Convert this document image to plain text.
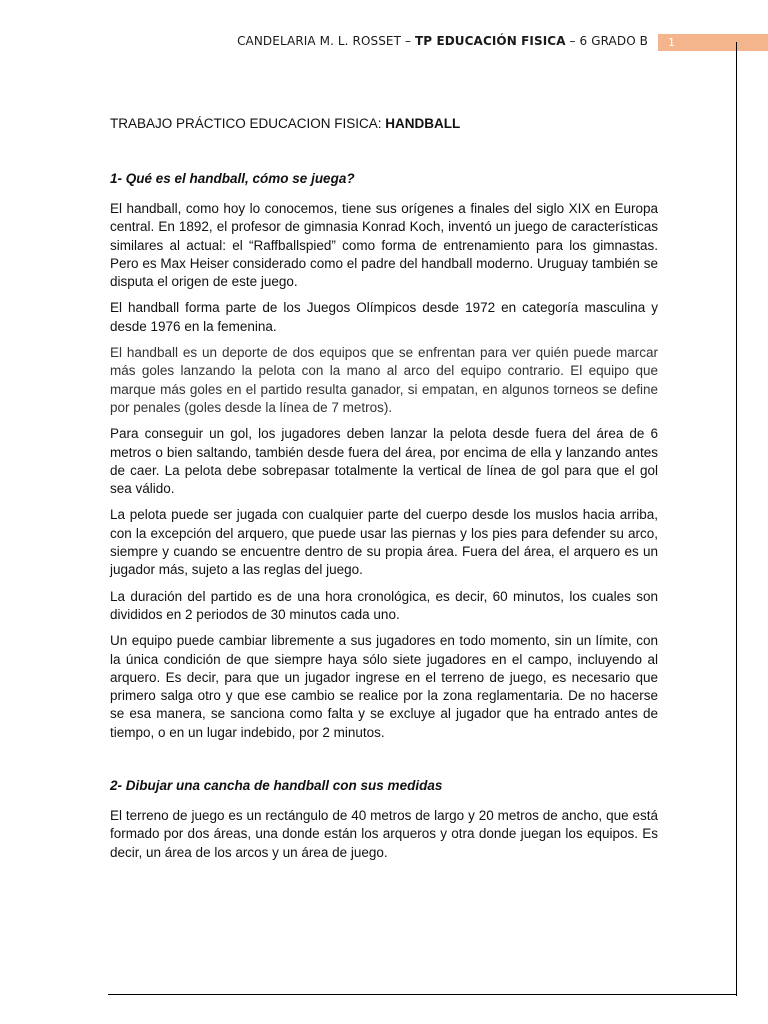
CANDELARIA M. L. ROSSET – TP EDUCACIÓN FISICA – 6 GRADO B	1

TRABAJO PRÁCTICO EDUCACION FISICA: HANDBALL

1- Qué es el handball, cómo se juega?

El handball, como hoy lo conocemos, tiene sus orígenes a finales del siglo XIX en Europa central. En 1892, el profesor de gimnasia Konrad Koch, inventó un juego de características similares al actual: el “Raffballspied” como forma de entrenamiento para los gimnastas. Pero es Max Heiser considerado como el padre del handball moderno. Uruguay también se disputa el origen de este juego.

El handball forma parte de los Juegos Olímpicos desde 1972 en categoría masculina y desde 1976 en la femenina.

El handball es un deporte de dos equipos que se enfrentan para ver quién puede marcar más goles lanzando la pelota con la mano al arco del equipo contrario. El equipo que marque más goles en el partido resulta ganador, si empatan, en algunos torneos se define por penales (goles desde la línea de 7 metros).

Para conseguir un gol, los jugadores deben lanzar la pelota desde fuera del área de 6 metros o bien saltando, también desde fuera del área, por encima de ella y lanzando antes de caer. La pelota debe sobrepasar totalmente la vertical de línea de gol para que el gol sea válido.

La pelota puede ser jugada con cualquier parte del cuerpo desde los muslos hacia arriba, con la excepción del arquero, que puede usar las piernas y los pies para defender su arco, siempre y cuando se encuentre dentro de su propia área. Fuera del área, el arquero es un jugador más, sujeto a las reglas del juego.

La duración del partido es de una hora cronológica, es decir, 60 minutos, los cuales son divididos en 2 periodos de 30 minutos cada uno.

Un equipo puede cambiar libremente a sus jugadores en todo momento, sin un límite, con la única condición de que siempre haya sólo siete jugadores en el campo, incluyendo al arquero. Es decir, para que un jugador ingrese en el terreno de juego, es necesario que primero salga otro y que ese cambio se realice por la zona reglamentaria. De no hacerse se esa manera, se sanciona como falta y se excluye al jugador que ha entrado antes de tiempo, o en un lugar indebido, por 2 minutos.

2- Dibujar una cancha de handball con sus medidas

El terreno de juego es un rectángulo de 40 metros de largo y 20 metros de ancho, que está formado por dos áreas, una donde están los arqueros y otra donde juegan los equipos. Es decir, un área de los arcos y un área de juego.
